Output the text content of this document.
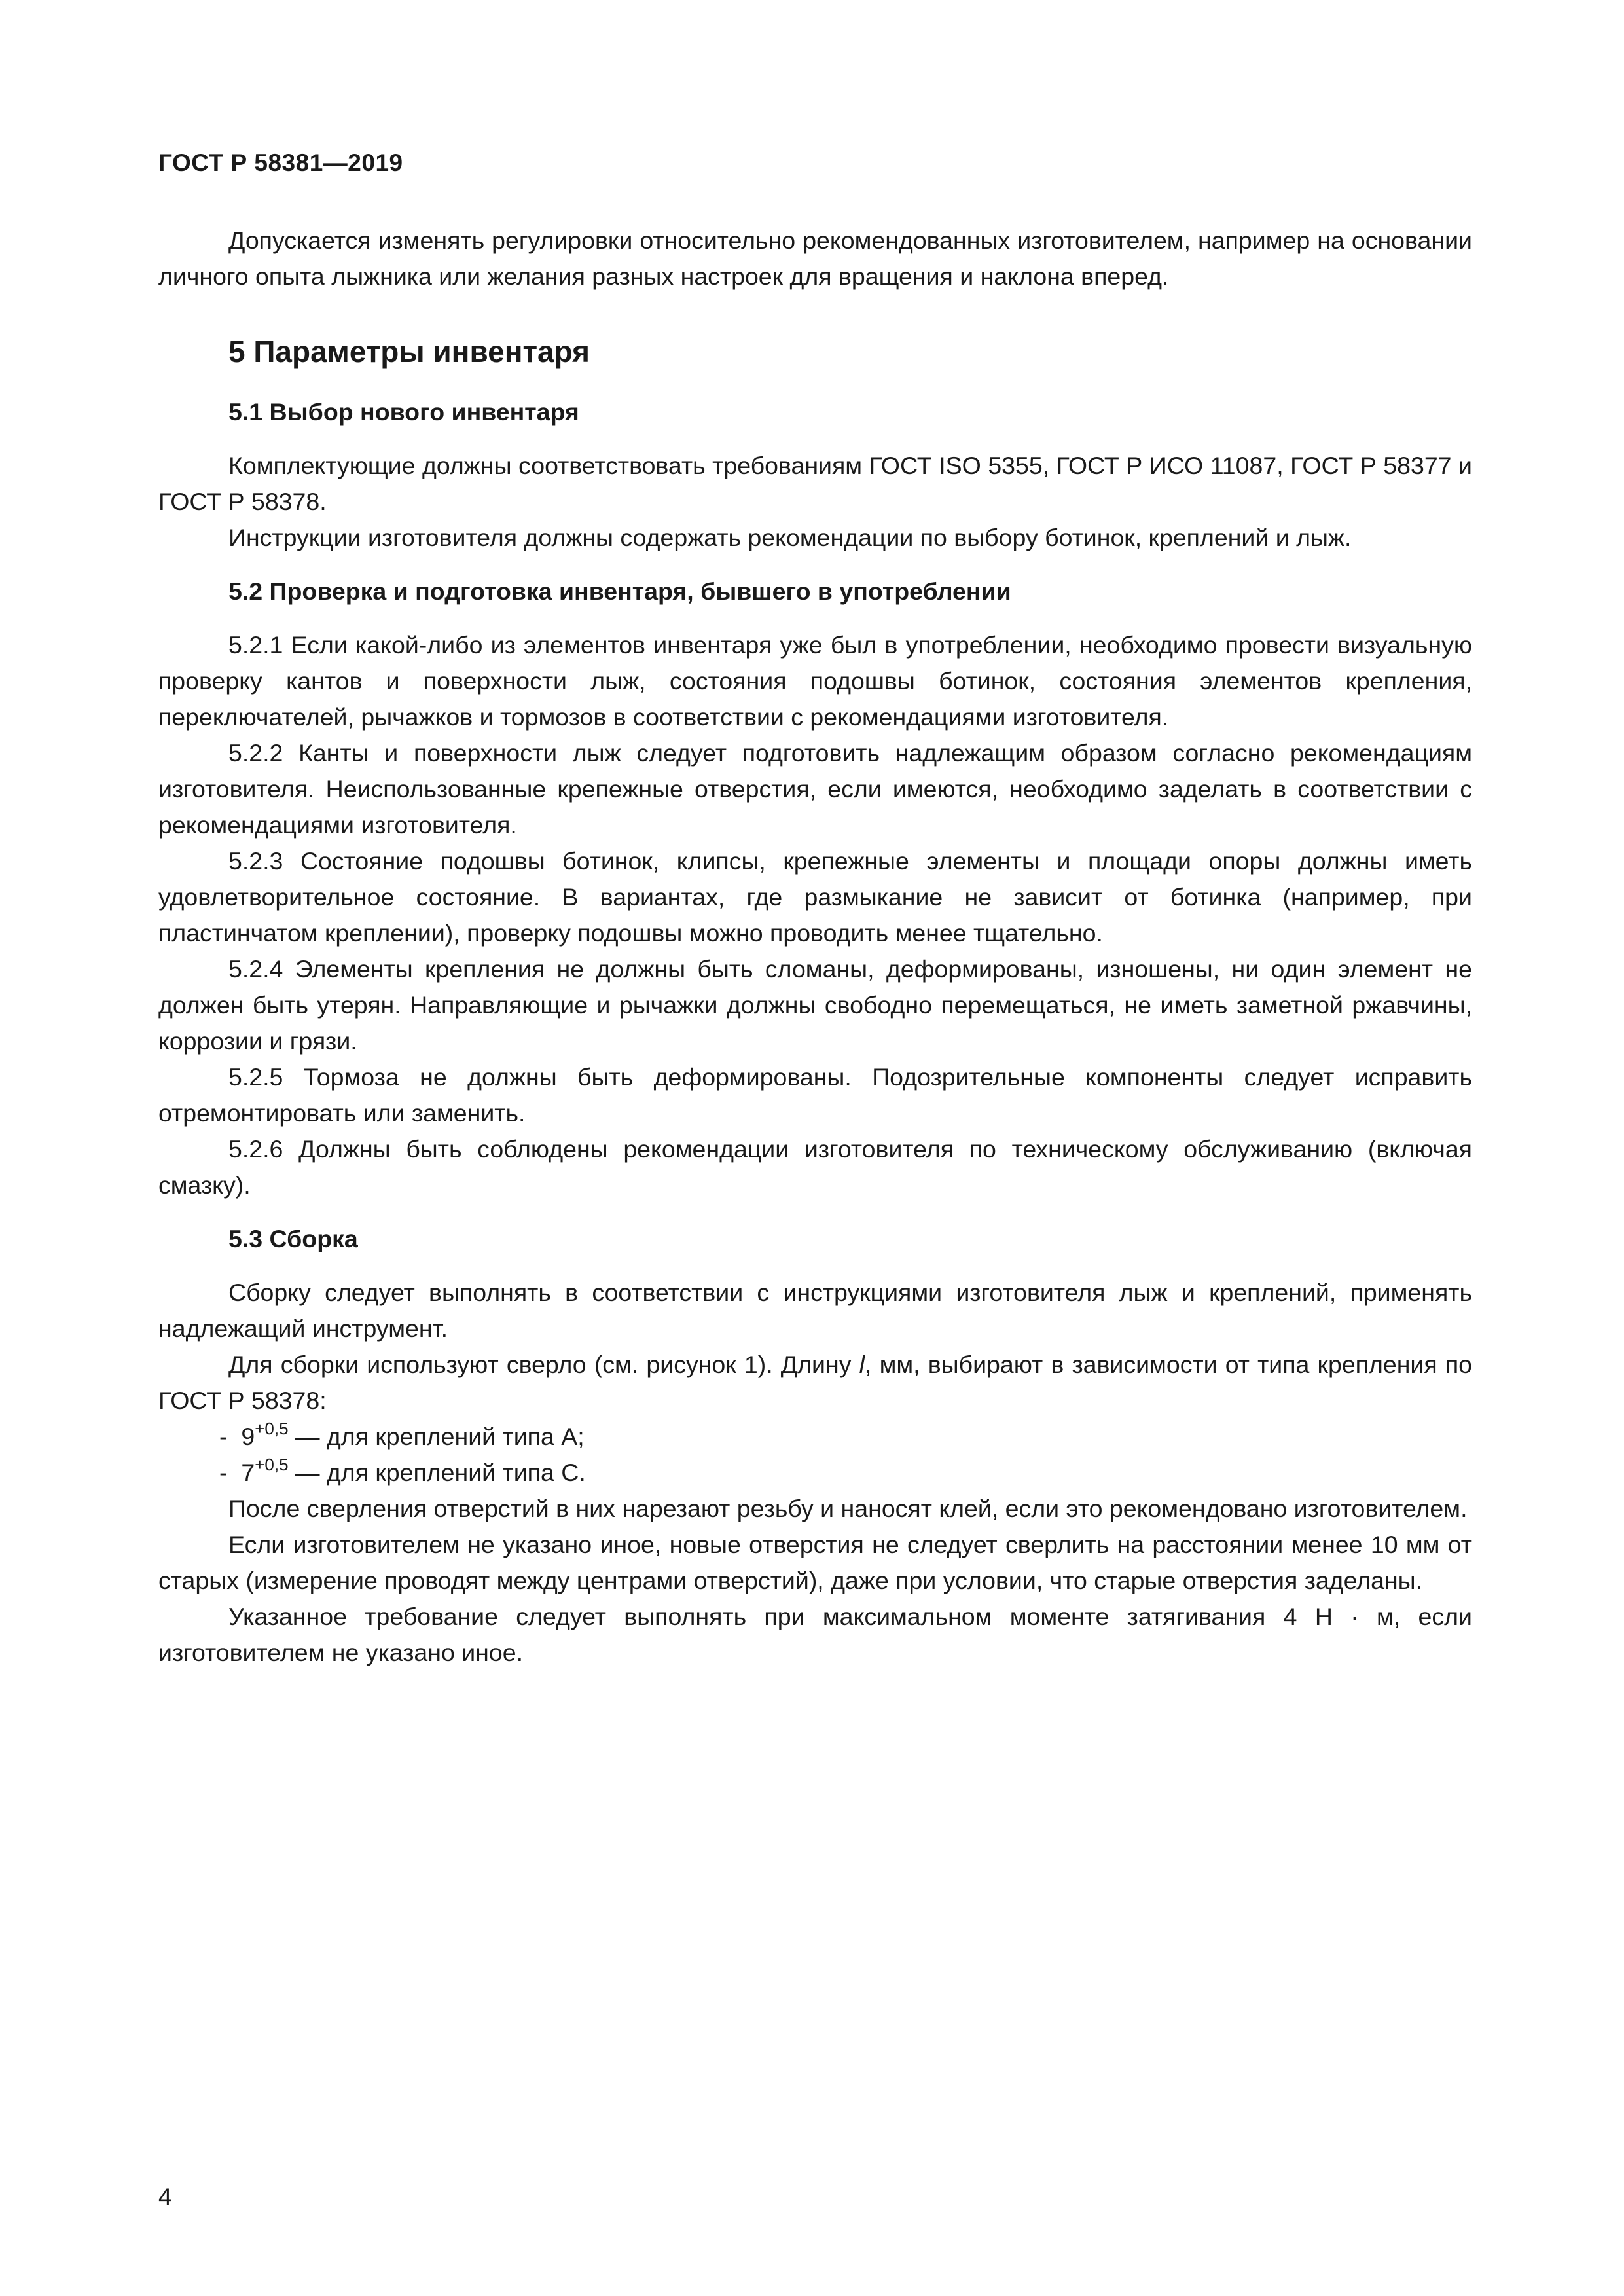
ГОСТ Р 58381—2019

Допускается изменять регулировки относительно рекомендованных изготовителем, например на основании личного опыта лыжника или желания разных настроек для вращения и наклона вперед.

5 Параметры инвентаря
5.1 Выбор нового инвентаря

Комплектующие должны соответствовать требованиям ГОСТ ISO 5355, ГОСТ Р ИСО 11087, ГОСТ Р 58377 и ГОСТ Р 58378.

Инструкции изготовителя должны содержать рекомендации по выбору ботинок, креплений и лыж.

5.2 Проверка и подготовка инвентаря, бывшего в употреблении

5.2.1 Если какой-либо из элементов инвентаря уже был в употреблении, необходимо провести визуальную проверку кантов и поверхности лыж, состояния подошвы ботинок, состояния элементов крепления, переключателей, рычажков и тормозов в соответствии с рекомендациями изготовителя.

5.2.2 Канты и поверхности лыж следует подготовить надлежащим образом согласно рекомендациям изготовителя. Неиспользованные крепежные отверстия, если имеются, необходимо заделать в соответствии с рекомендациями изготовителя.

5.2.3 Состояние подошвы ботинок, клипсы, крепежные элементы и площади опоры должны иметь удовлетворительное состояние. В вариантах, где размыкание не зависит от ботинка (например, при пластинчатом креплении), проверку подошвы можно проводить менее тщательно.

5.2.4 Элементы крепления не должны быть сломаны, деформированы, изношены, ни один элемент не должен быть утерян. Направляющие и рычажки должны свободно перемещаться, не иметь заметной ржавчины, коррозии и грязи.

5.2.5 Тормоза не должны быть деформированы. Подозрительные компоненты следует исправить отремонтировать или заменить.

5.2.6 Должны быть соблюдены рекомендации изготовителя по техническому обслуживанию (включая смазку).

5.3 Сборка

Сборку следует выполнять в соответствии с инструкциями изготовителя лыж и креплений, применять надлежащий инструмент.

Для сборки используют сверло (см. рисунок 1). Длину l, мм, выбирают в зависимости от типа крепления по ГОСТ Р 58378:

- $9^{+0,5}$ — для креплений типа А;

- $7^{+0,5}$ — для креплений типа С.

После сверления отверстий в них нарезают резьбу и наносят клей, если это рекомендовано изготовителем.

Если изготовителем не указано иное, новые отверстия не следует сверлить на расстоянии менее 10 мм от старых (измерение проводят между центрами отверстий), даже при условии, что старые отверстия заделаны.

Указанное требование следует выполнять при максимальном моменте затягивания 4 Н · м, если изготовителем не указано иное.

4
